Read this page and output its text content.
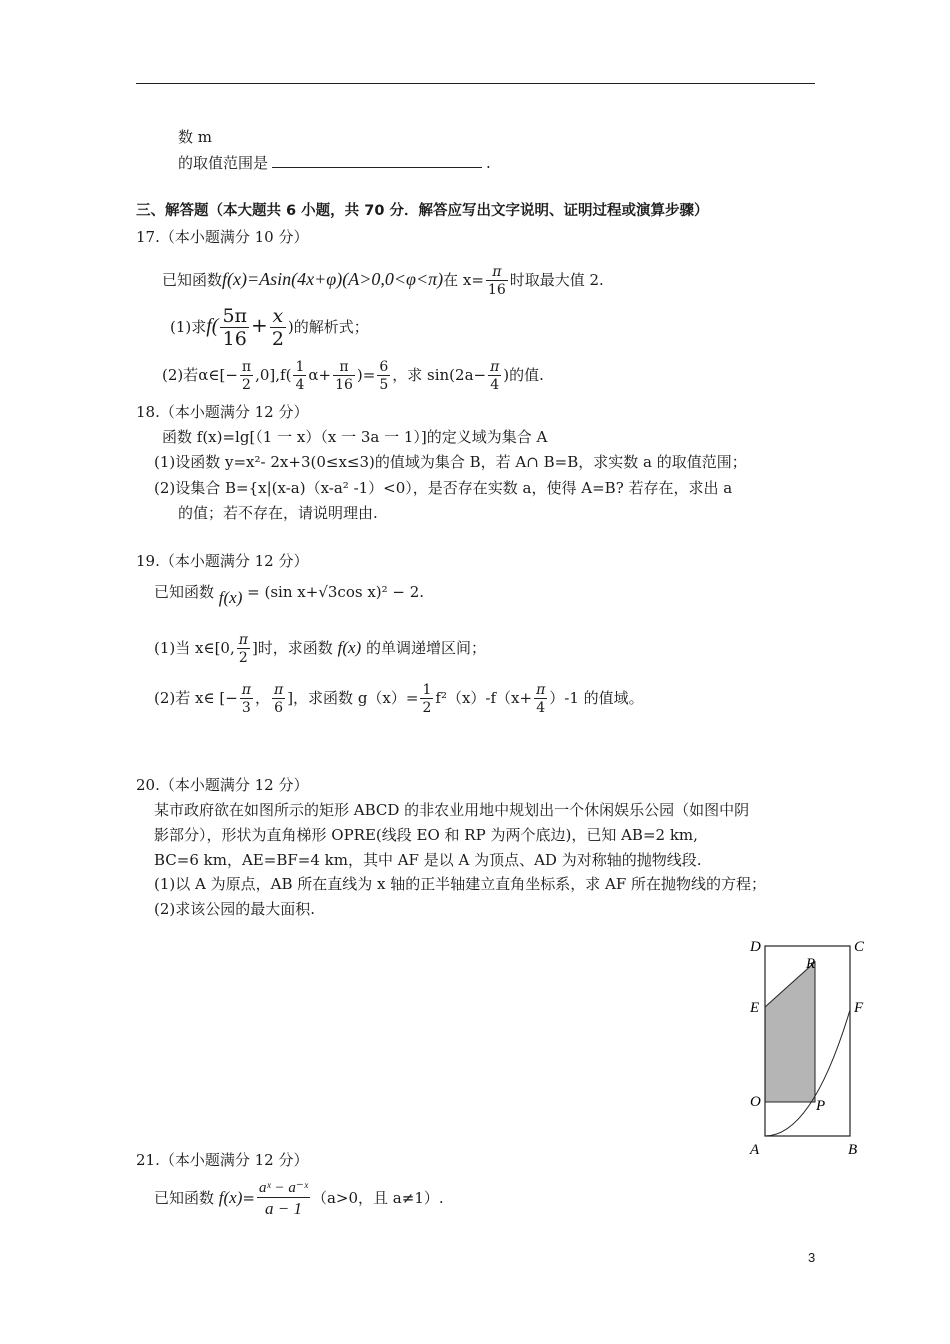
数 m
的取值范围是	.
三、解答题（本大题共 6 小题，共 70 分．解答应写出文字说明、证明过程或演算步骤）
17.（本小题满分 10 分）
已知函数f(x)=Asin(4x+φ)(A>0,0<φ<π)在 $x= \frac{\pi}{16}$ 时取最大值 2.
(1)求$f( \frac{5\pi}{16} + \frac{x}{2}$ )的解析式；
(2)若α∈[− $\frac{\pi}{2} ,0],f( \frac{1}{4} \alpha+ \frac{\pi}{16}$ )= $\frac{6}{5}$ ，求 $\sin(2a- \frac{\pi}{4}$ )的值.
18.（本小题满分 12 分）
函数 f(x)=lg[（1 一 x）（x 一 3a 一 1）]的定义域为集合 A
(1)设函数 y=x²- 2x+3(0≤x≤3)的值域为集合 B，若 A∩ B=B，求实数 a 的取值范围；
(2)设集合 B={x|(x-a)（x-a² -1）<0），是否存在实数 a，使得 A=B? 若存在，求出 a
的值；若不存在，请说明理由.
19.（本小题满分 12 分）
已知函数 f(x) = (sin x+√3cos x)² − 2.
(1)当 x∈[0, $\frac{\pi}{2}$ ]时，求函数 f(x) 的单调递增区间；
(2)若 x∈ [− $\frac{\pi}{3}$ ， $\frac{\pi}{6}$ ]，求函数 $g(x)= \frac{1}{2} f^2(x)-f(x+ \frac{\pi}{4} )-1$ 的值域。
20.（本小题满分 12 分）
某市政府欲在如图所示的矩形 ABCD 的非农业用地中规划出一个休闲娱乐公园（如图中阴
影部分），形状为直角梯形 OPRE(线段 EO 和 RP 为两个底边)，已知 AB=2 km,
BC=6 km，AE=BF=4 km，其中 AF 是以 A 为顶点、AD 为对称轴的抛物线段.
(1)以 A 为原点，AB 所在直线为 x 轴的正半轴建立直角坐标系，求 AF 所在抛物线的方程；
(2)求该公园的最大面积.
D	C
R
E	F
O	P
A	B
21.（本小题满分 12 分）
已知函数 $f(x)= \frac{\text{aˣ − a⁻ˣ}}{a - 1} (a>0$，且 a≠1）.
3
